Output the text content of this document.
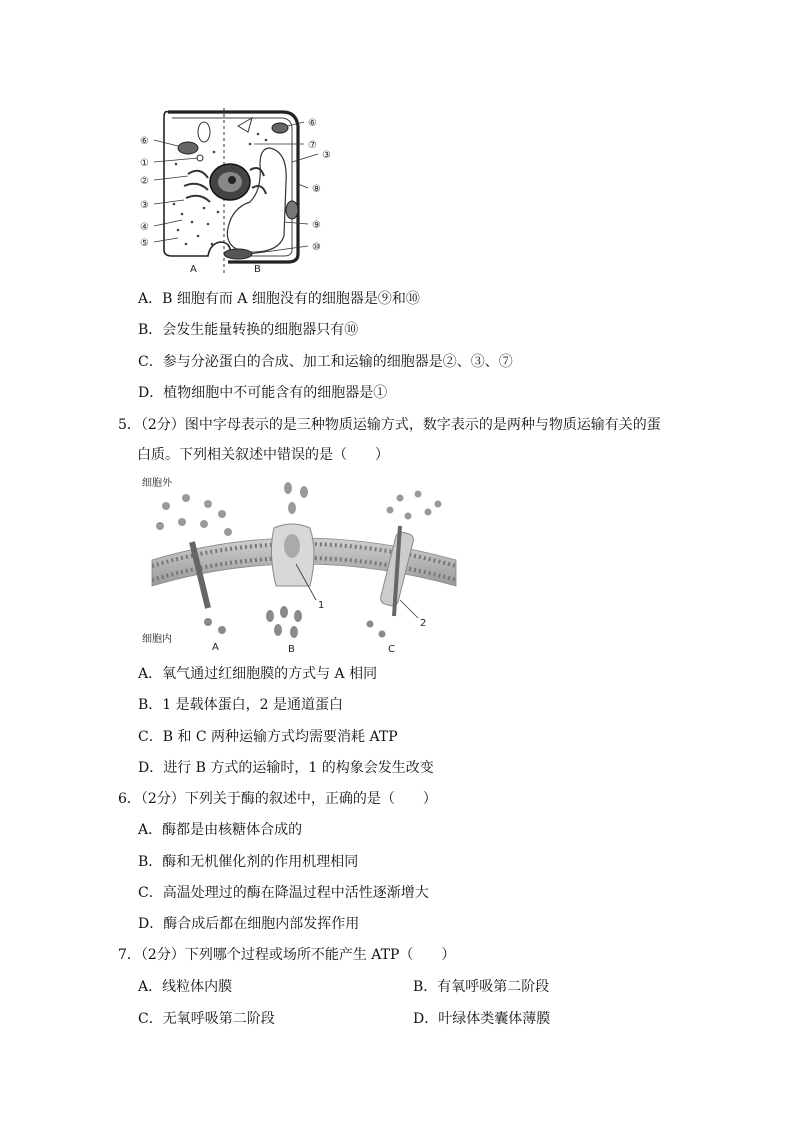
⑥
①
②
③
④
⑤
⑥
⑦
③
⑧
⑨
⑩
A	B
A．B 细胞有而 A 细胞没有的细胞器是⑨和⑩
B．会发生能量转换的细胞器只有⑩
C．参与分泌蛋白的合成、加工和运输的细胞器是②、③、⑦
D．植物细胞中不可能含有的细胞器是①
5．（2分）图中字母表示的是三种物质运输方式，数字表示的是两种与物质运输有关的蛋
白质。下列相关叙述中错误的是（　　）
细胞外
细胞内
1
2
A	B	C
A．氧气通过红细胞膜的方式与 A 相同
B．1 是载体蛋白，2 是通道蛋白
C．B 和 C 两种运输方式均需要消耗 ATP
D．进行 B 方式的运输时，1 的构象会发生改变
6．（2分）下列关于酶的叙述中，正确的是（　　）
A．酶都是由核糖体合成的
B．酶和无机催化剂的作用机理相同
C．高温处理过的酶在降温过程中活性逐渐增大
D．酶合成后都在细胞内部发挥作用
7．（2分）下列哪个过程或场所不能产生 ATP（　　）
A．线粒体内膜	B．有氧呼吸第二阶段
C．无氧呼吸第二阶段	D．叶绿体类囊体薄膜
